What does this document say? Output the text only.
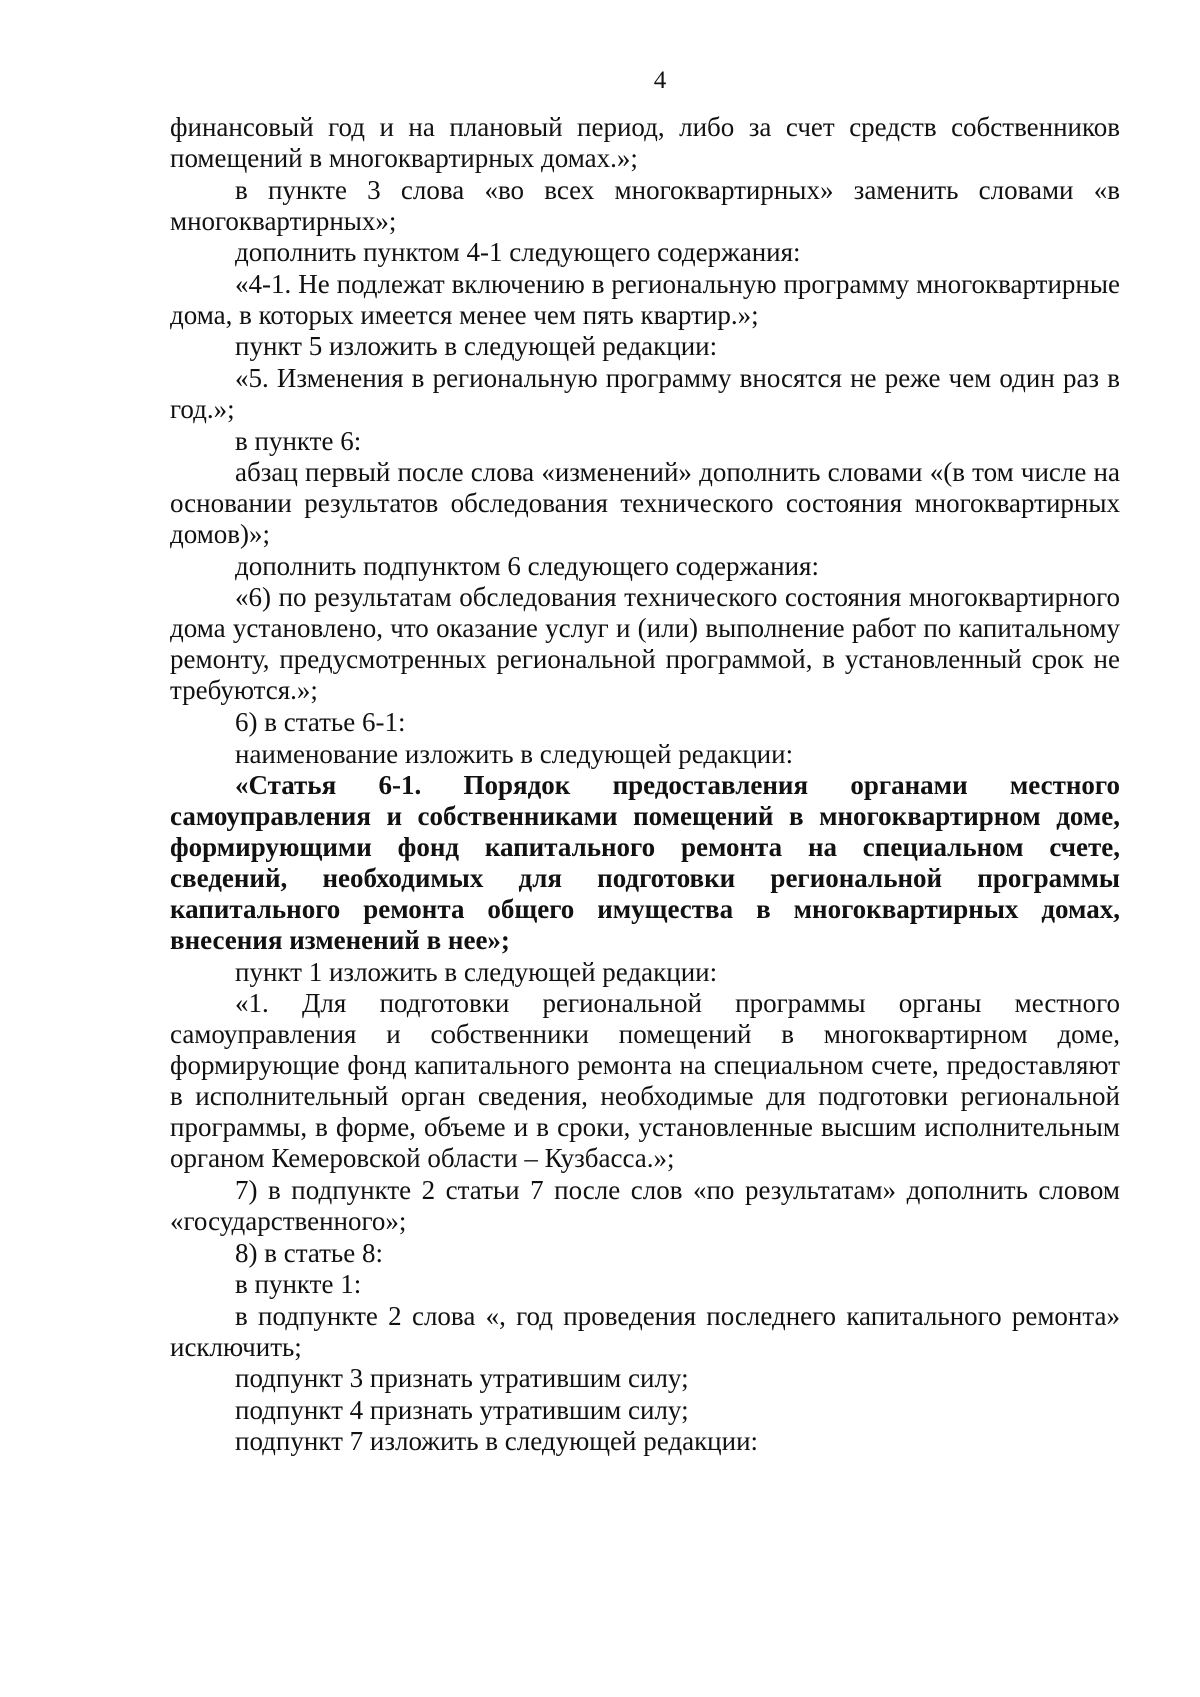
4

финансовый год и на плановый период, либо за счет средств собственников помещений в многоквартирных домах.»;

в пункте 3 слова «во всех многоквартирных» заменить словами «в многоквартирных»;

дополнить пунктом 4-1 следующего содержания:

«4-1. Не подлежат включению в региональную программу многоквартирные дома, в которых имеется менее чем пять квартир.»;

пункт 5 изложить в следующей редакции:

«5. Изменения в региональную программу вносятся не реже чем один раз в год.»;

в пункте 6:

абзац первый после слова «изменений» дополнить словами «(в том числе на основании результатов обследования технического состояния многоквартирных домов)»;

дополнить подпунктом 6 следующего содержания:

«6) по результатам обследования технического состояния многоквартирного дома установлено, что оказание услуг и (или) выполнение работ по капитальному ремонту, предусмотренных региональной программой, в установленный срок не требуются.»;

6) в статье 6-1:

наименование изложить в следующей редакции:

«Статья 6-1. Порядок предоставления органами местного самоуправления и собственниками помещений в многоквартирном доме, формирующими фонд капитального ремонта на специальном счете, сведений, необходимых для подготовки региональной программы капитального ремонта общего имущества в многоквартирных домах, внесения изменений в нее»;

пункт 1 изложить в следующей редакции:

«1. Для подготовки региональной программы органы местного самоуправления и собственники помещений в многоквартирном доме, формирующие фонд капитального ремонта на специальном счете, предоставляют в исполнительный орган сведения, необходимые для подготовки региональной программы, в форме, объеме и в сроки, установленные высшим исполнительным органом Кемеровской области – Кузбасса.»;

7) в подпункте 2 статьи 7 после слов «по результатам» дополнить словом «государственного»;

8) в статье 8:

в пункте 1:

в подпункте 2 слова «, год проведения последнего капитального ремонта» исключить;

подпункт 3 признать утратившим силу;

подпункт 4 признать утратившим силу;

подпункт 7 изложить в следующей редакции:
